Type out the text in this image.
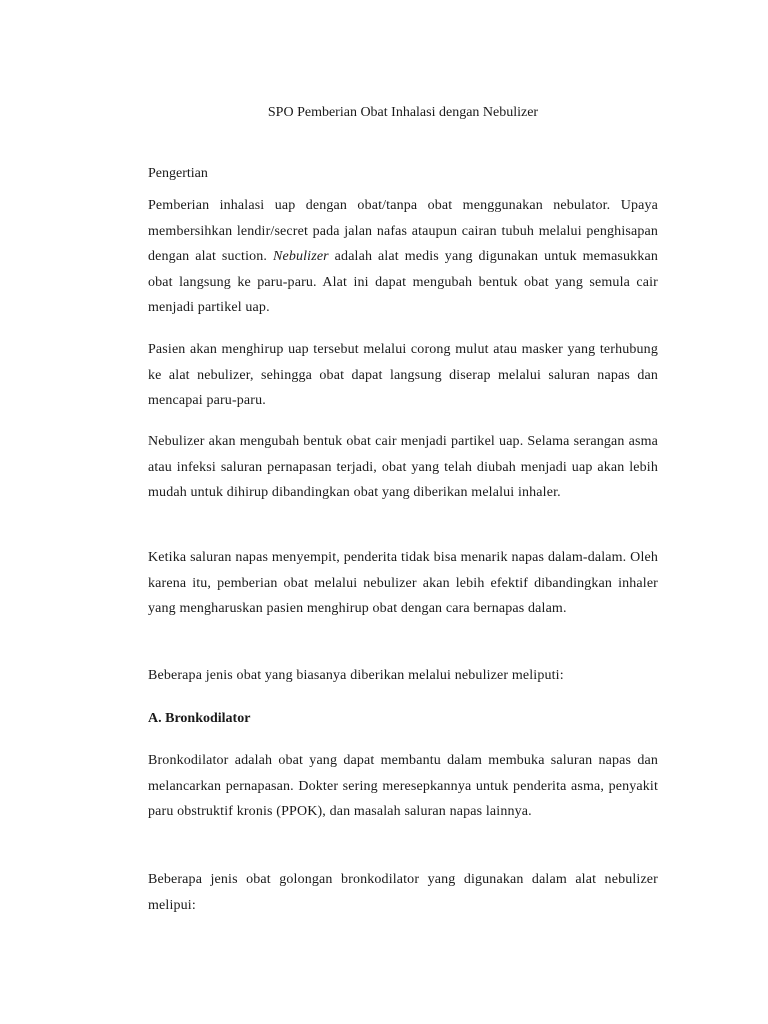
SPO Pemberian Obat Inhalasi dengan Nebulizer
Pengertian

Pemberian inhalasi uap dengan obat/tanpa obat menggunakan nebulator. Upaya membersihkan lendir/secret pada jalan nafas ataupun cairan tubuh melalui penghisapan dengan alat suction. Nebulizer adalah alat medis yang digunakan untuk memasukkan obat langsung ke paru-paru. Alat ini dapat mengubah bentuk obat yang semula cair menjadi partikel uap.

Pasien akan menghirup uap tersebut melalui corong mulut atau masker yang terhubung ke alat nebulizer, sehingga obat dapat langsung diserap melalui saluran napas dan mencapai paru-paru.

Nebulizer akan mengubah bentuk obat cair menjadi partikel uap. Selama serangan asma atau infeksi saluran pernapasan terjadi, obat yang telah diubah menjadi uap akan lebih mudah untuk dihirup dibandingkan obat yang diberikan melalui inhaler.

Ketika saluran napas menyempit, penderita tidak bisa menarik napas dalam-dalam. Oleh karena itu, pemberian obat melalui nebulizer akan lebih efektif dibandingkan inhaler yang mengharuskan pasien menghirup obat dengan cara bernapas dalam.

Beberapa jenis obat yang biasanya diberikan melalui nebulizer meliputi:

A. Bronkodilator

Bronkodilator adalah obat yang dapat membantu dalam membuka saluran napas dan melancarkan pernapasan. Dokter sering meresepkannya untuk penderita asma, penyakit paru obstruktif kronis (PPOK), dan masalah saluran napas lainnya.

Beberapa jenis obat golongan bronkodilator yang digunakan dalam alat nebulizer melipui:
